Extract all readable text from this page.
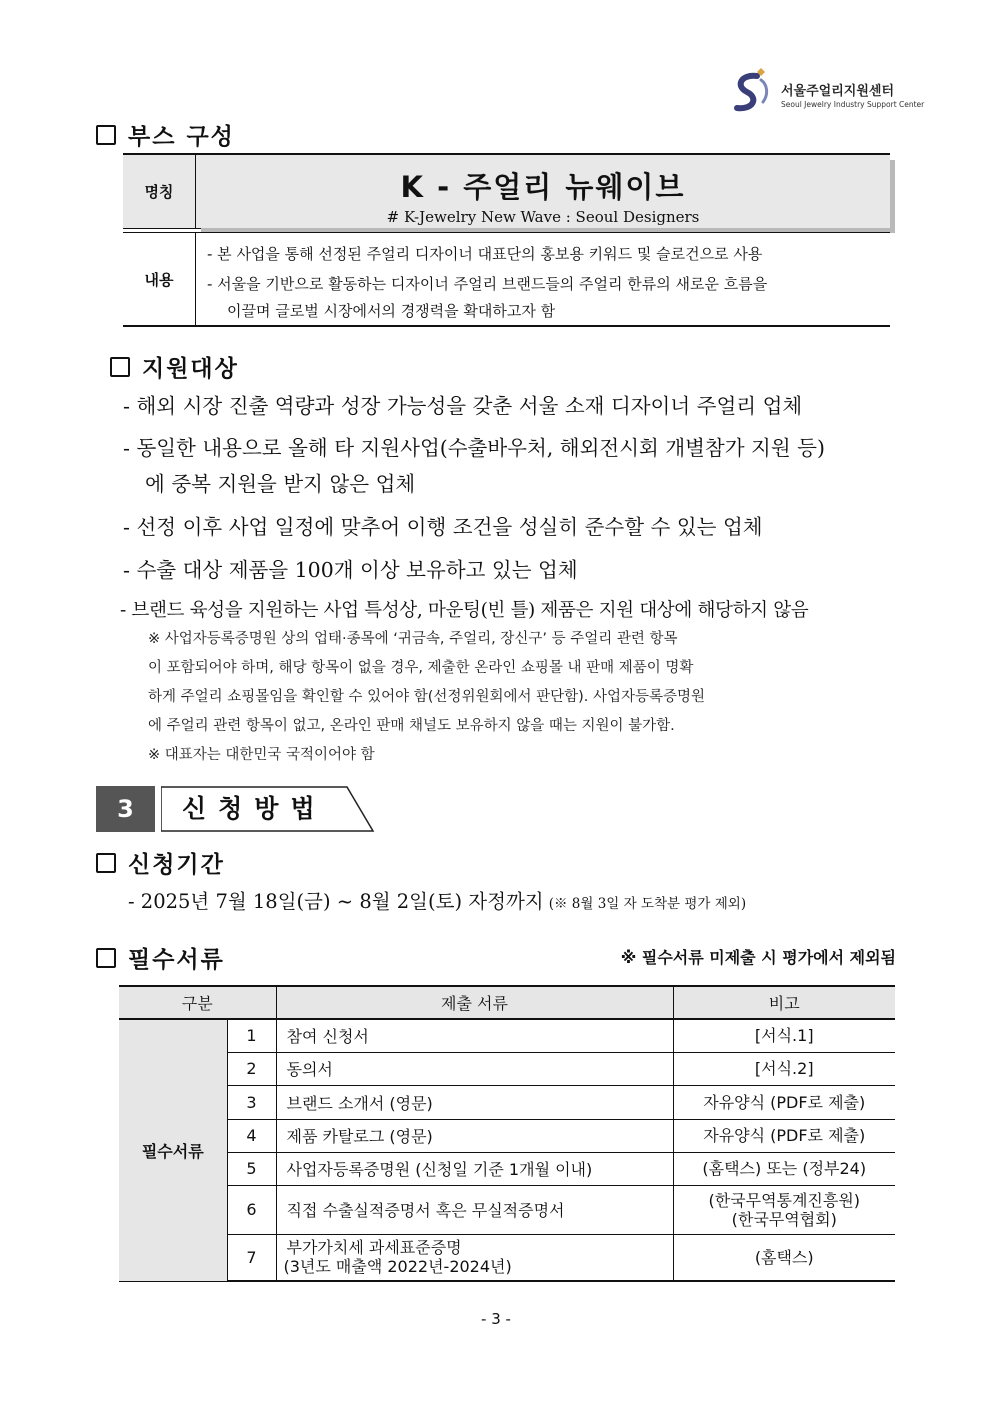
서울주얼리지원센터
Seoul Jewelry Industry Support Center
부스 구성
명칭	K - 주얼리 뉴웨이브
# K-Jewelry New Wave : Seoul Designers
내용
- 본 사업을 통해 선정된 주얼리 디자이너 대표단의 홍보용 키워드 및 슬로건으로 사용
- 서울을 기반으로 활동하는 디자이너 주얼리 브랜드들의 주얼리 한류의 새로운 흐름을
이끌며 글로벌 시장에서의 경쟁력을 확대하고자 함
지원대상
- 해외 시장 진출 역량과 성장 가능성을 갖춘 서울 소재 디자이너 주얼리 업체
- 동일한 내용으로 올해 타 지원사업(수출바우처, 해외전시회 개별참가 지원 등)
에 중복 지원을 받지 않은 업체
- 선정 이후 사업 일정에 맞추어 이행 조건을 성실히 준수할 수 있는 업체
- 수출 대상 제품을 100개 이상 보유하고 있는 업체
- 브랜드 육성을 지원하는 사업 특성상, 마운팅(빈 틀) 제품은 지원 대상에 해당하지 않음
※ 사업자등록증명원 상의 업태·종목에 ‘귀금속, 주얼리, 장신구’ 등 주얼리 관련 항목
이 포함되어야 하며, 해당 항목이 없을 경우, 제출한 온라인 쇼핑몰 내 판매 제품이 명확
하게 주얼리 쇼핑몰임을 확인할 수 있어야 함(선정위원회에서 판단함). 사업자등록증명원
에 주얼리 관련 항목이 없고, 온라인 판매 채널도 보유하지 않을 때는 지원이 불가함.
※ 대표자는 대한민국 국적이어야 함
3	신청방법
신청기간
- 2025년 7월 18일(금) ~ 8월 2일(토) 자정까지 (※ 8월 3일 자 도착분 평가 제외)
필수서류	※ 필수서류 미제출 시 평가에서 제외됨
구분		제출 서류	비고
필수서류	1	참여 신청서	[서식.1]
	2	동의서	[서식.2]
	3	브랜드 소개서 (영문)	자유양식 (PDF로 제출)
	4	제품 카탈로그 (영문)	자유양식 (PDF로 제출)
	5	사업자등록증명원 (신청일 기준 1개월 이내)	(홈택스) 또는 (정부24)
	6	직접 수출실적증명서 혹은 무실적증명서	(한국무역통계진흥원)
(한국무역협회)

	7	부가가치세 과세표준증명
(3년도 매출액 2022년-2024년)	(홈택스)
- 3 -
